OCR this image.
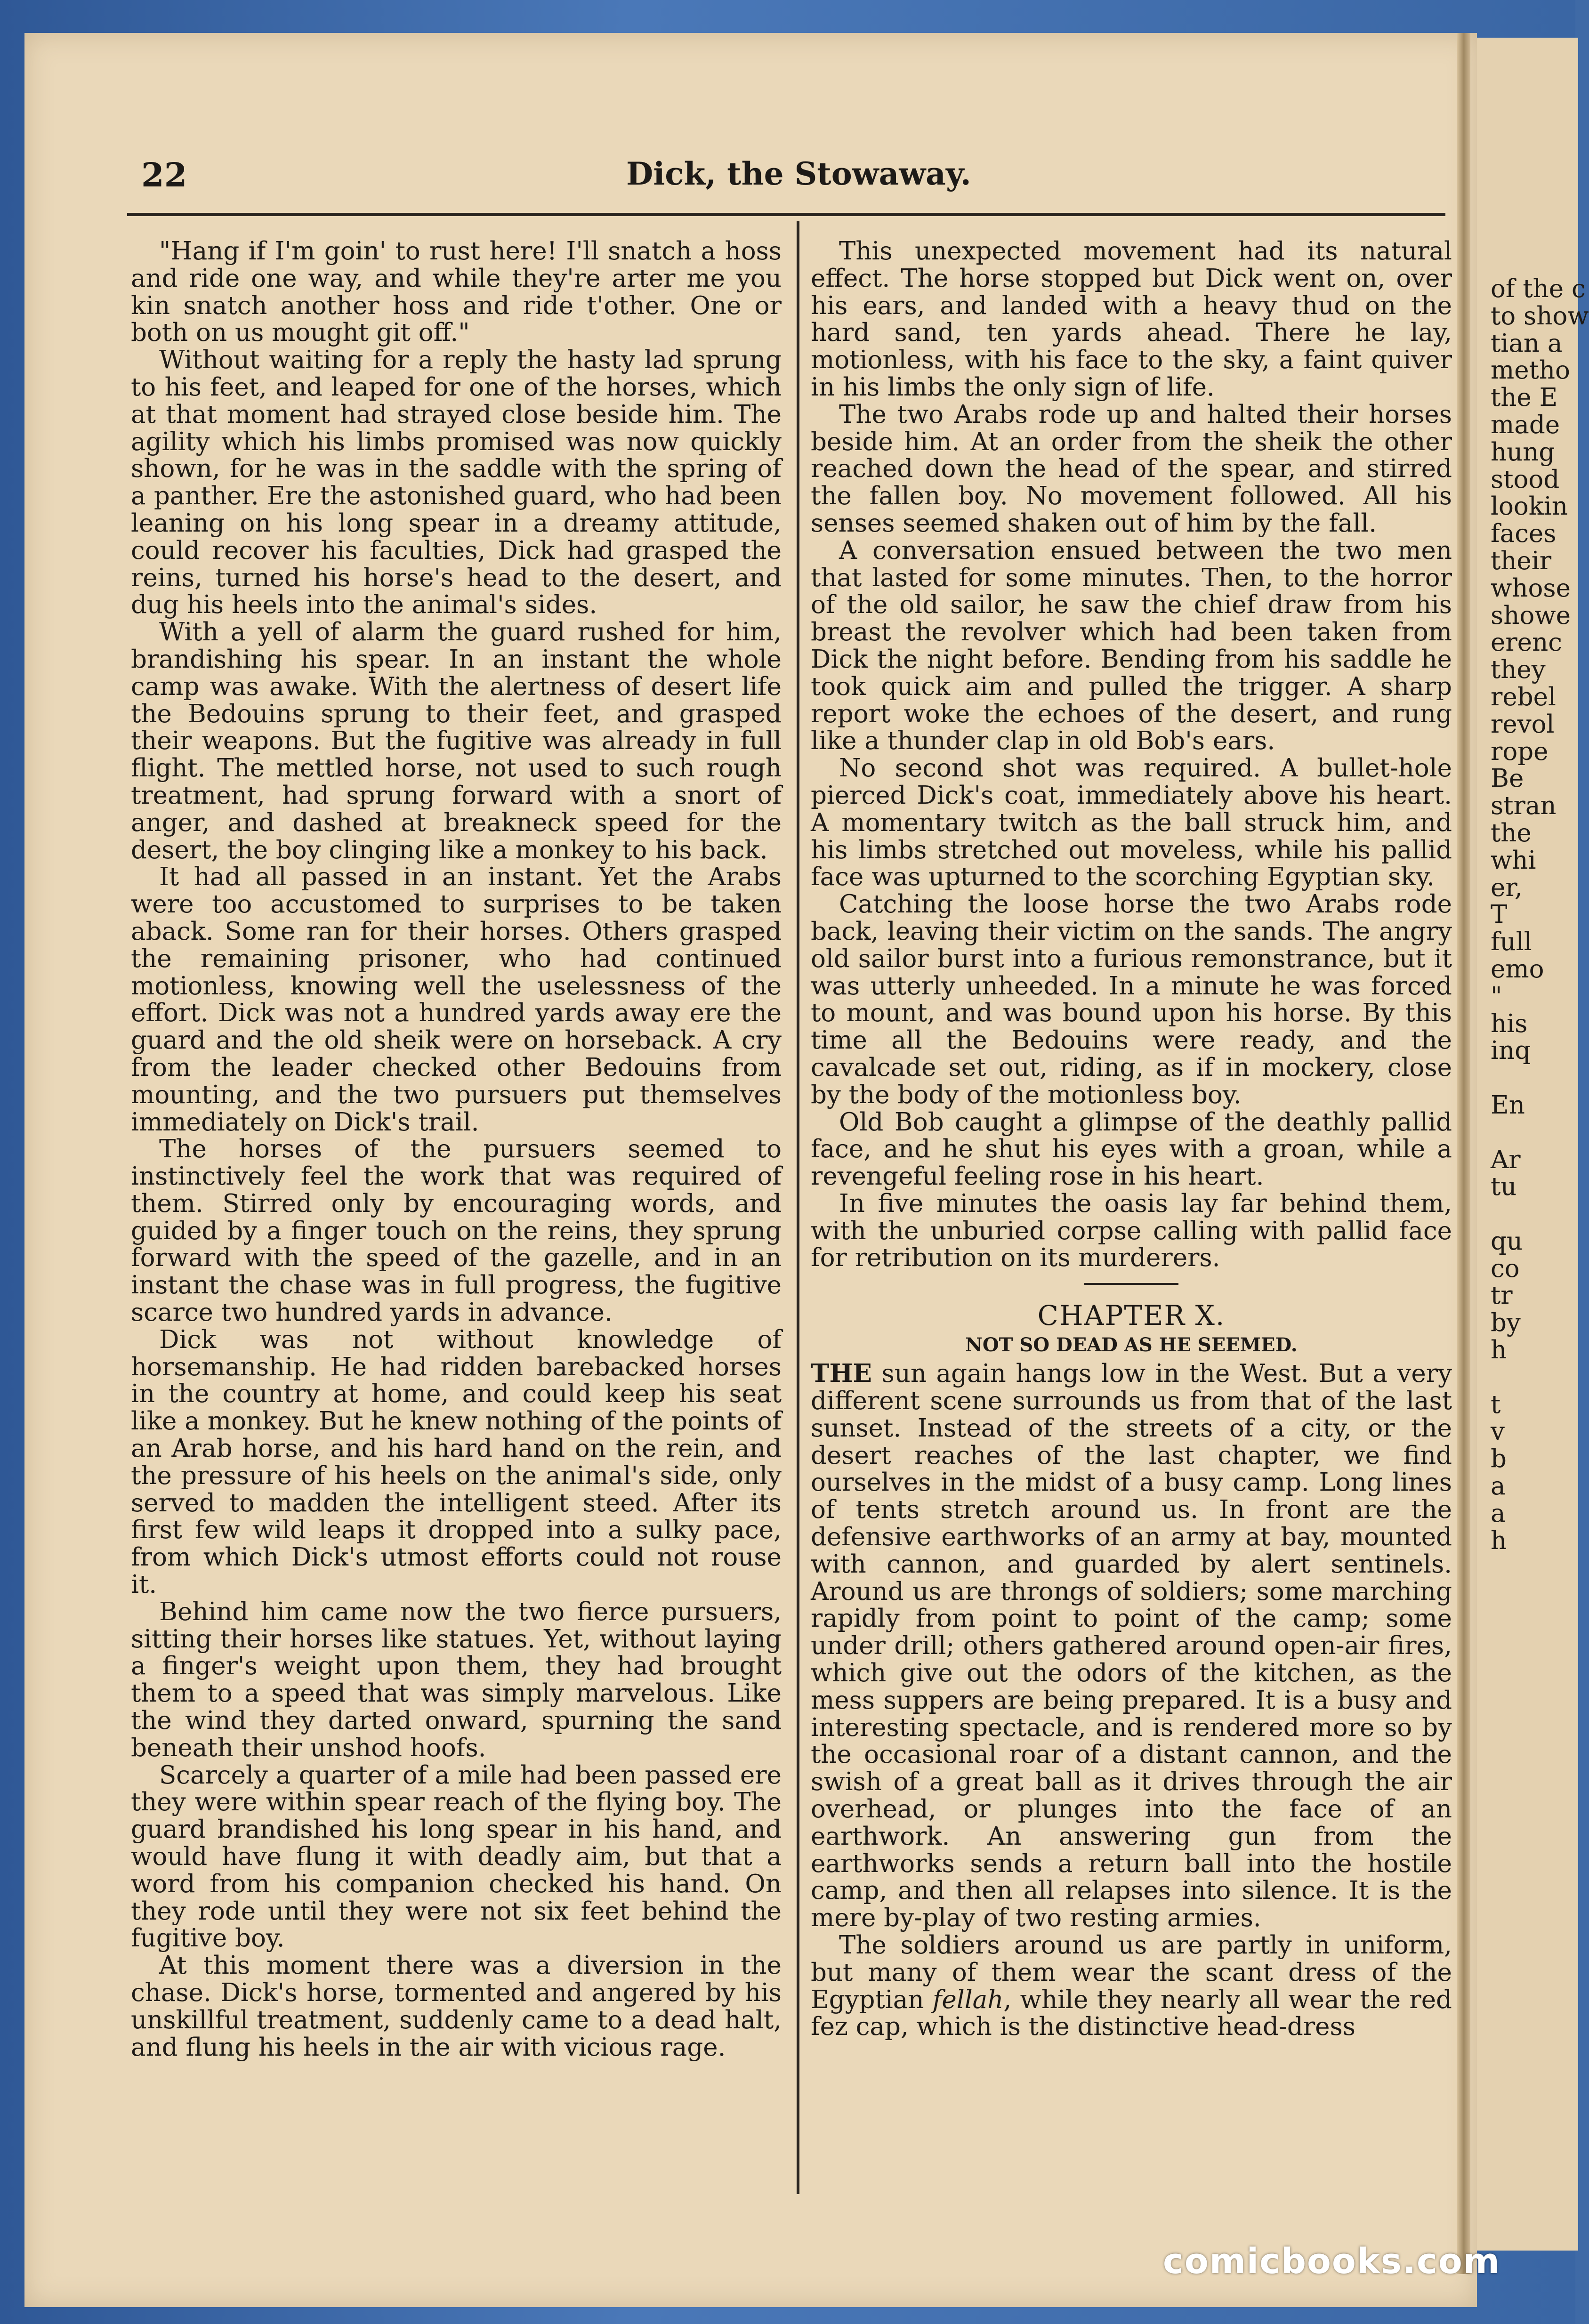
of the c
to show
tian a
metho
the E
made
hung
stood
lookin
faces
their
whose
showe
erenc
they
rebel
revol
rope
Be
stran
the
whi
er,
T
full
emo
"
his
inq

En

Ar
tu

qu
co
tr
by
h

t
v
b
a
a
h
22	Dick, the Stowaway.

"Hang if I'm goin' to rust here! I'll snatch a hoss and ride one way, and while they're arter me you kin snatch another hoss and ride t'other. One or both on us mought git off."

Without waiting for a reply the hasty lad sprung to his feet, and leaped for one of the horses, which at that moment had strayed close beside him. The agility which his limbs promised was now quickly shown, for he was in the saddle with the spring of a panther. Ere the astonished guard, who had been leaning on his long spear in a dreamy attitude, could recover his faculties, Dick had grasped the reins, turned his horse's head to the desert, and dug his heels into the animal's sides.

With a yell of alarm the guard rushed for him, brandishing his spear. In an instant the whole camp was awake. With the alertness of desert life the Bedouins sprung to their feet, and grasped their weapons. But the fugitive was already in full flight. The mettled horse, not used to such rough treatment, had sprung forward with a snort of anger, and dashed at breakneck speed for the desert, the boy clinging like a monkey to his back.

It had all passed in an instant. Yet the Arabs were too accustomed to surprises to be taken aback. Some ran for their horses. Others grasped the remaining prisoner, who had continued motionless, knowing well the uselessness of the effort. Dick was not a hundred yards away ere the guard and the old sheik were on horseback. A cry from the leader checked other Bedouins from mounting, and the two pursuers put themselves immediately on Dick's trail.

The horses of the pursuers seemed to instinctively feel the work that was required of them. Stirred only by encouraging words, and guided by a finger touch on the reins, they sprung forward with the speed of the gazelle, and in an instant the chase was in full progress, the fugitive scarce two hundred yards in advance.

Dick was not without knowledge of horsemanship. He had ridden barebacked horses in the country at home, and could keep his seat like a monkey. But he knew nothing of the points of an Arab horse, and his hard hand on the rein, and the pressure of his heels on the animal's side, only served to madden the intelligent steed. After its first few wild leaps it dropped into a sulky pace, from which Dick's utmost efforts could not rouse it.

Behind him came now the two fierce pursuers, sitting their horses like statues. Yet, without laying a finger's weight upon them, they had brought them to a speed that was simply marvelous. Like the wind they darted onward, spurning the sand beneath their unshod hoofs.

Scarcely a quarter of a mile had been passed ere they were within spear reach of the flying boy. The guard brandished his long spear in his hand, and would have flung it with deadly aim, but that a word from his companion checked his hand. On they rode until they were not six feet behind the fugitive boy.

At this moment there was a diversion in the chase. Dick's horse, tormented and angered by his unskillful treatment, suddenly came to a dead halt, and flung his heels in the air with vicious rage.

This unexpected movement had its natural effect. The horse stopped but Dick went on, over his ears, and landed with a heavy thud on the hard sand, ten yards ahead. There he lay, motionless, with his face to the sky, a faint quiver in his limbs the only sign of life.

The two Arabs rode up and halted their horses beside him. At an order from the sheik the other reached down the head of the spear, and stirred the fallen boy. No movement followed. All his senses seemed shaken out of him by the fall.

A conversation ensued between the two men that lasted for some minutes. Then, to the horror of the old sailor, he saw the chief draw from his breast the revolver which had been taken from Dick the night before. Bending from his saddle he took quick aim and pulled the trigger. A sharp report woke the echoes of the desert, and rung like a thunder clap in old Bob's ears.

No second shot was required. A bullet-hole pierced Dick's coat, immediately above his heart. A momentary twitch as the ball struck him, and his limbs stretched out moveless, while his pallid face was upturned to the scorching Egyptian sky.

Catching the loose horse the two Arabs rode back, leaving their victim on the sands. The angry old sailor burst into a furious remonstrance, but it was utterly unheeded. In a minute he was forced to mount, and was bound upon his horse. By this time all the Bedouins were ready, and the cavalcade set out, riding, as if in mockery, close by the body of the motionless boy.

Old Bob caught a glimpse of the deathly pallid face, and he shut his eyes with a groan, while a revengeful feeling rose in his heart.

In five minutes the oasis lay far behind them, with the unburied corpse calling with pallid face for retribution on its murderers.

CHAPTER X.
NOT SO DEAD AS HE SEEMED.

THE sun again hangs low in the West. But a very different scene surrounds us from that of the last sunset. Instead of the streets of a city, or the desert reaches of the last chapter, we find ourselves in the midst of a busy camp. Long lines of tents stretch around us. In front are the defensive earthworks of an army at bay, mounted with cannon, and guarded by alert sentinels. Around us are throngs of soldiers; some marching rapidly from point to point of the camp; some under drill; others gathered around open-air fires, which give out the odors of the kitchen, as the mess suppers are being prepared. It is a busy and interesting spectacle, and is rendered more so by the occasional roar of a distant cannon, and the swish of a great ball as it drives through the air overhead, or plunges into the face of an earthwork. An answering gun from the earthworks sends a return ball into the hostile camp, and then all relapses into silence. It is the mere by-play of two resting armies.

The soldiers around us are partly in uniform, but many of them wear the scant dress of the Egyptian fellah, while they nearly all wear the red fez cap, which is the distinctive head-dress

comicbooks.com
